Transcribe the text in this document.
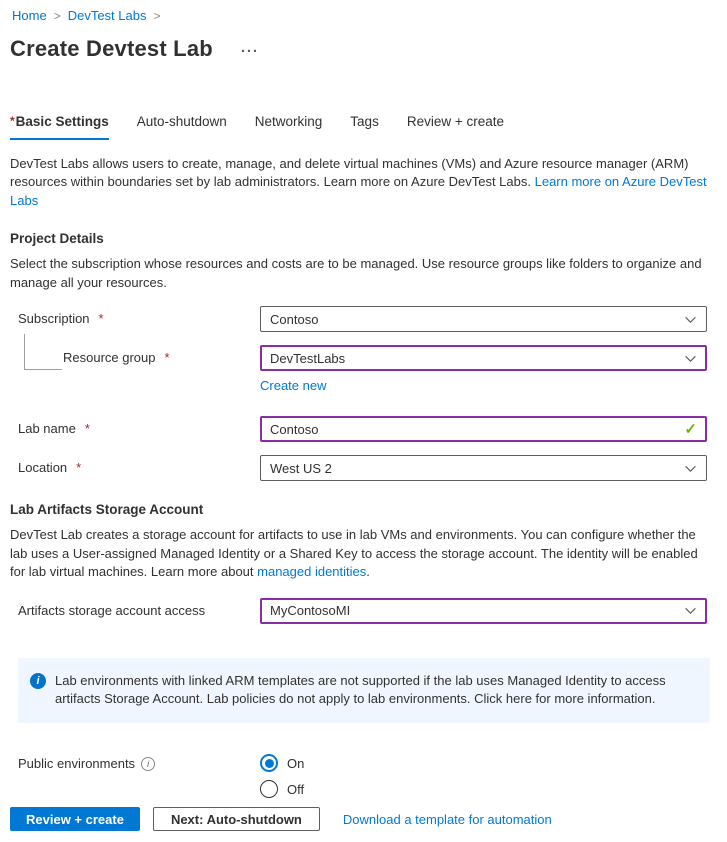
Home > DevTest Labs >
Create Devtest Lab ···
*Basic Settings Auto-shutdown Networking Tags Review + create

DevTest Labs allows users to create, manage, and delete virtual machines (VMs) and Azure resource manager (ARM) resources within boundaries set by lab administrators. Learn more on Azure DevTest Labs. Learn more on Azure DevTest Labs

Project Details

Select the subscription whose resources and costs are to be managed. Use resource groups like folders to organize and manage all your resources.

Subscription *	Contoso
Resource group *	DevTestLabs
Create new
Lab name *	Contoso	✓
Location *	West US 2
Lab Artifacts Storage Account

DevTest Lab creates a storage account for artifacts to use in lab VMs and environments. You can configure whether the lab uses a User-assigned Managed Identity or a Shared Key to access the storage account. The identity will be enabled for lab virtual machines. Learn more about managed identities.

Artifacts storage account access	MyContosoMI
i	Lab environments with linked ARM templates are not supported if the lab uses Managed Identity to access artifacts Storage Account. Lab policies do not apply to lab environments. Click here for more information.
Public environments	i	On
Off
Review + create	Next: Auto-shutdown	Download a template for automation
